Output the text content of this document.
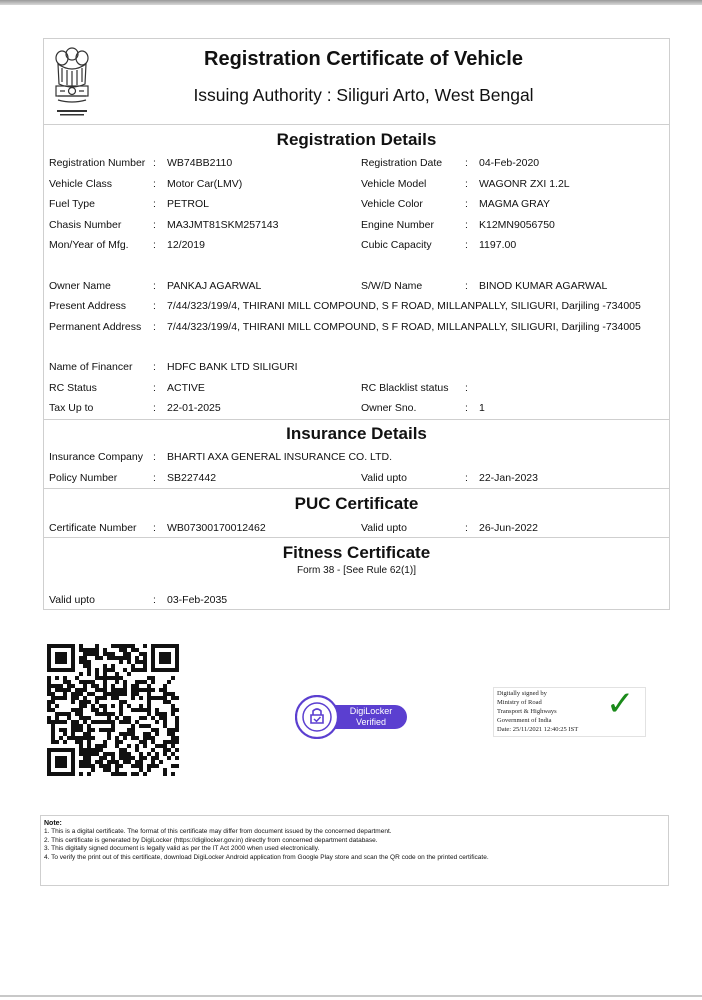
Registration Certificate of Vehicle
Issuing Authority : Siliguri Arto, West Bengal
Registration Details
Registration Number : WB74BB2110	Registration Date : 04-Feb-2020
Vehicle Class	: Motor Car(LMV)	Vehicle Model	: WAGONR ZXI 1.2L
Fuel Type	: PETROL	Vehicle Color	: MAGMA GRAY
Chasis Number	: MA3JMT81SKM257143	Engine Number	: K12MN9056750
Mon/Year of Mfg. : 12/2019	Cubic Capacity	: 1197.00
Owner Name	: PANKAJ AGARWAL	S/W/D Name	: BINOD KUMAR AGARWAL
Present Address	: 7/44/323/199/4, THIRANI MILL COMPOUND, S F ROAD, MILLANPALLY, SILIGURI, Darjiling -734005
Permanent Address : 7/44/323/199/4, THIRANI MILL COMPOUND, S F ROAD, MILLANPALLY, SILIGURI, Darjiling -734005
Name of Financer : HDFC BANK LTD SILIGURI
RC Status	: ACTIVE	RC Blacklist status :
Tax Up to	: 22-01-2025	Owner Sno.	: 1
Insurance Details
Insurance Company : BHARTI AXA GENERAL INSURANCE CO. LTD.
Policy Number	: SB227442	Valid upto	: 22-Jan-2023
PUC Certificate
Certificate Number : WB07300170012462	Valid upto	: 26-Jun-2022
Fitness Certificate
Form 38 - [See Rule 62(1)]
Valid upto	: 03-Feb-2035
DigiLocker
Verified
Digitally signed by
Ministry of Road
Transport & Highways
Government of India
Date: 25/11/2021 12:40:25 IST
✓
Note:
1. This is a digital certificate. The format of this certificate may differ from document issued by the concerned department.
2. This certificate is generated by DigiLocker (https://digilocker.gov.in) directly from concerned department database.
3. This digitally signed document is legally valid as per the IT Act 2000 when used electronically.
4. To verify the print out of this certificate, download DigiLocker Android application from Google Play store and scan the QR code on the printed certificate.
